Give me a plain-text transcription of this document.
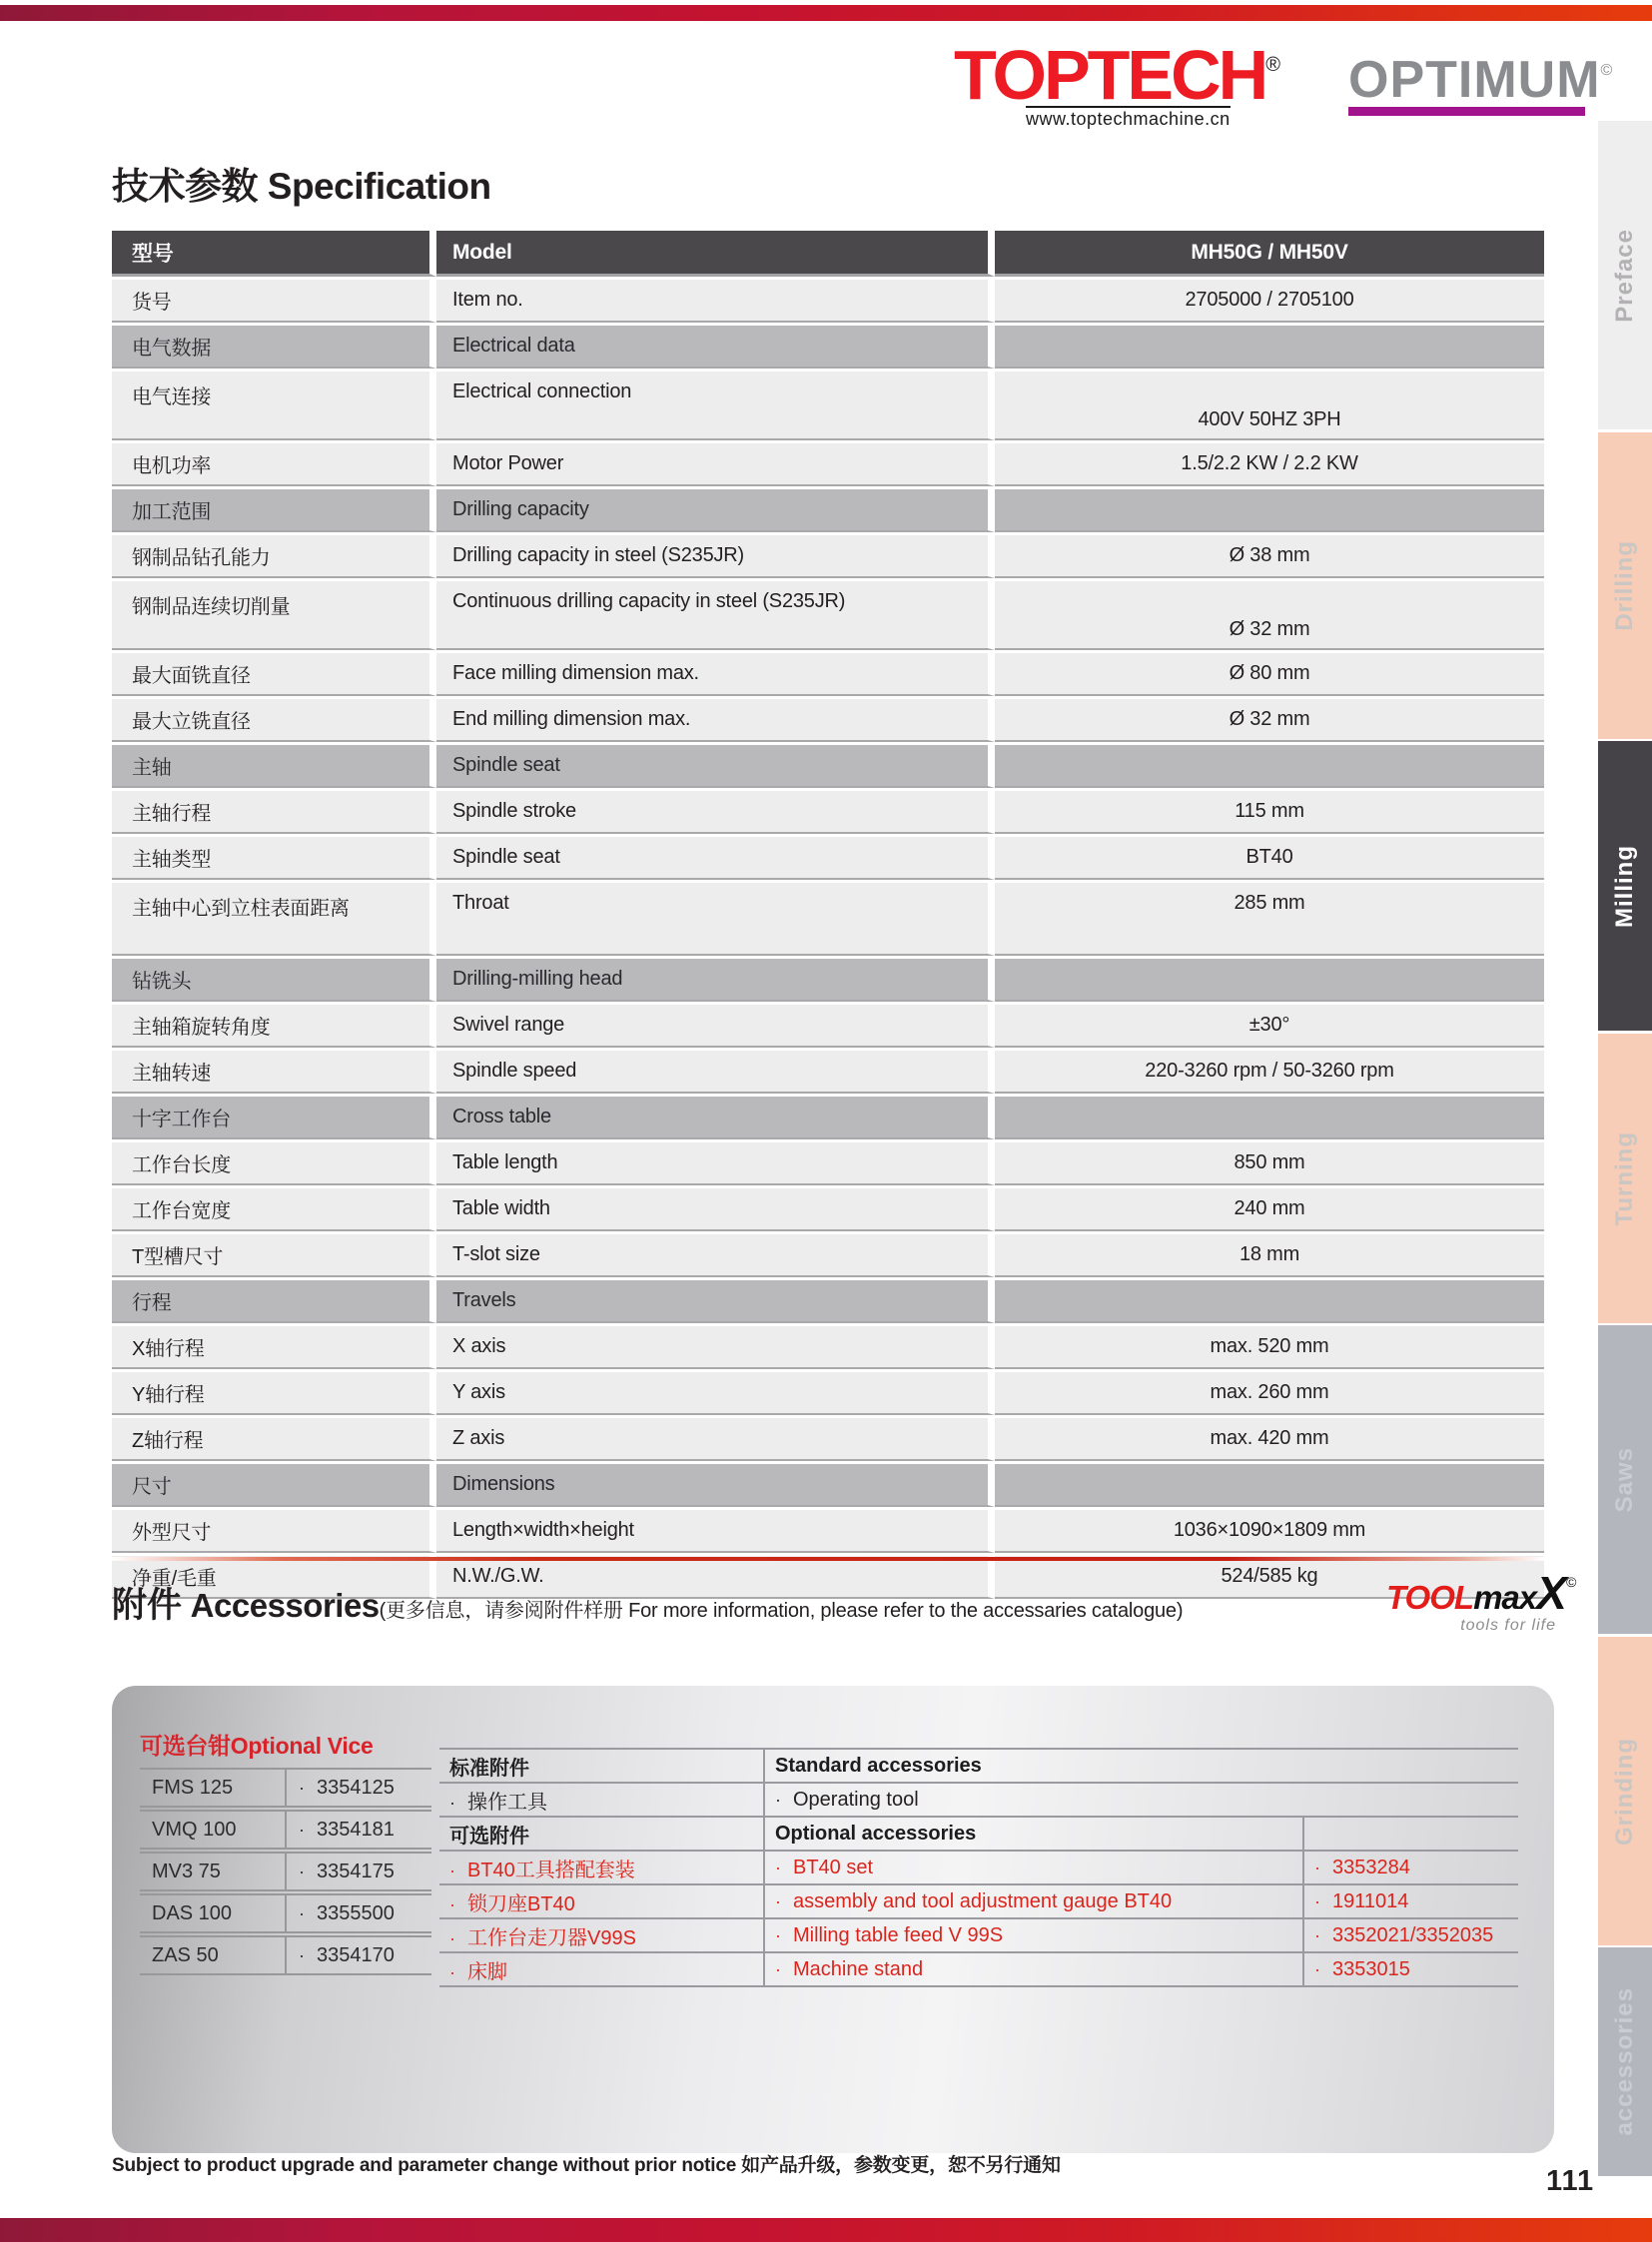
TOPTECH®
www.toptechmachine.cn
OPTIMUM©
技术参数 Specification
型号	Model	MH50G / MH50V
货号	Item no.	2705000 / 2705100
电气数据	Electrical data	
电气连接	Electrical connection	400V 50HZ 3PH
电机功率	Motor Power	1.5/2.2 KW / 2.2 KW
加工范围	Drilling capacity	
钢制品钻孔能力	Drilling capacity in steel (S235JR)	Ø 38 mm
钢制品连续切削量	Continuous drilling capacity in steel (S235JR)	Ø 32 mm
最大面铣直径	Face milling dimension max.	Ø 80 mm
最大立铣直径	End milling dimension max.	Ø 32 mm
主轴	Spindle seat	
主轴行程	Spindle stroke	115 mm
主轴类型	Spindle seat	BT40
主轴中心到立柱表面距离	Throat	285 mm
钻铣头	Drilling-milling head	
主轴箱旋转角度	Swivel range	±30°
主轴转速	Spindle speed	220-3260 rpm / 50-3260 rpm
十字工作台	Cross table	
工作台长度	Table length	850 mm
工作台宽度	Table width	240 mm
T型槽尺寸	T-slot size	18 mm
行程	Travels	
X轴行程	X axis	max. 520 mm
Y轴行程	Y axis	max. 260 mm
Z轴行程	Z axis	max. 420 mm
尺寸	Dimensions	
外型尺寸	Length×width×height	1036×1090×1809 mm
净重/毛重	N.W./G.W.	524/585 kg
附件 Accessories(更多信息，请参阅附件样册 For more information, please refer to the accessaries catalogue)	TOOLmaxX©
tools for life
可选台钳Optional Vice
FMS 125	· 3354125
VMQ 100	· 3354181
MV3 75	· 3354175
DAS 100	· 3355500
ZAS 50	· 3354170
标准附件	Standard accessories	
· 操作工具	· Operating tool	
可选附件	Optional accessories	
· BT40工具搭配套装	· BT40 set	· 3353284
· 锁刀座BT40	· assembly and tool adjustment gauge BT40	· 1911014
· 工作台走刀器V99S	· Milling table feed V 99S	· 3352021/3352035
· 床脚	· Machine stand	· 3353015
Subject to product upgrade and parameter change without prior notice 如产品升级，参数变更，恕不另行通知	111
Preface
Drilling
Milling
Turning
Saws
Grinding
accessories
